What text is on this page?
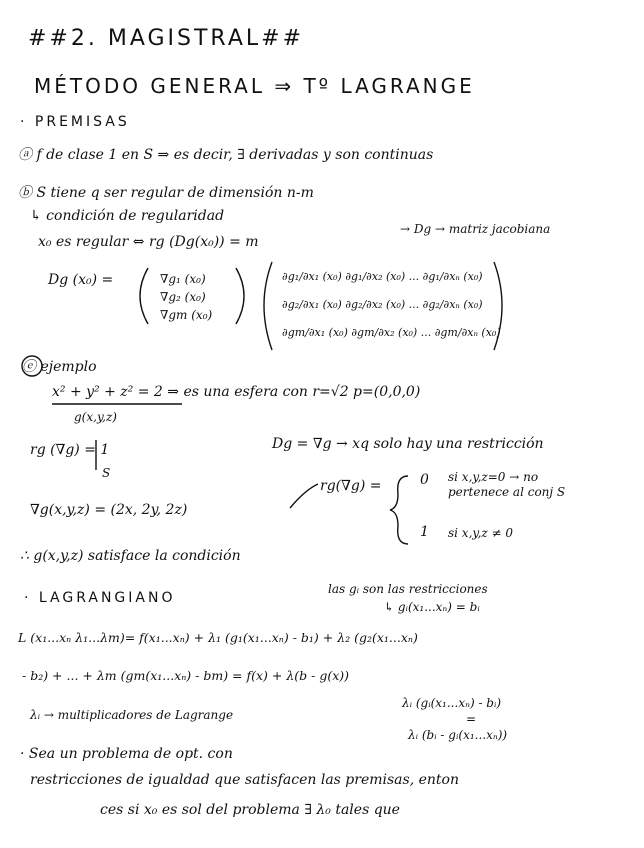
##2. MAGISTRAL##
MÉTODO GENERAL ⇒ Tº LAGRANGE
· PREMISAS
ⓐ f de clase 1 en S ⇒ es decir, ∃ derivadas y son continuas
ⓑ S tiene q ser regular de dimensión n-m
↳ condición de regularidad
→ Dg → matriz jacobiana
x₀ es regular ⇔ rg (Dg(x₀)) = m
Dg (x₀) =	∇g₁ (x₀)
∇g₂ (x₀)
∇gm (x₀)
∂g₁/∂x₁ (x₀) ∂g₁/∂x₂ (x₀) ... ∂g₁/∂xₙ (x₀)
∂g₂/∂x₁ (x₀) ∂g₂/∂x₂ (x₀) ... ∂g₂/∂xₙ (x₀)
∂gm/∂x₁ (x₀) ∂gm/∂x₂ (x₀) ... ∂gm/∂xₙ (x₀)
ⓔ ejemplo
x² + y² + z² = 2 ⇒ es una esfera con r=√2 p=(0,0,0)
g(x,y,z)
rg (∇g) = 1
S
Dg = ∇g → xq solo hay una restricción
∇g(x,y,z) = (2x, 2y, 2z)
rg(∇g) =	0 si x,y,z=0 → no pertenece al conj S
1 si x,y,z ≠ 0
∴ g(x,y,z) satisface la condición
· LAGRANGIANO
las gᵢ son las restricciones
↳ gᵢ(x₁...xₙ) = bᵢ
L (x₁...xₙ λ₁...λm)= f(x₁...xₙ) + λ₁ (g₁(x₁...xₙ) - b₁) + λ₂ (g₂(x₁...xₙ)
- b₂) + ... + λm (gm(x₁...xₙ) - bm) = f(x) + λ(b - g(x))
λᵢ → multiplicadores de Lagrange
λᵢ (gᵢ(x₁...xₙ) - bᵢ)
=
λᵢ (bᵢ - gᵢ(x₁...xₙ))
· Sea un problema de opt. con
restricciones de igualdad que satisfacen las premisas, enton
ces si x₀ es sol del problema ∃ λ₀ tales que
